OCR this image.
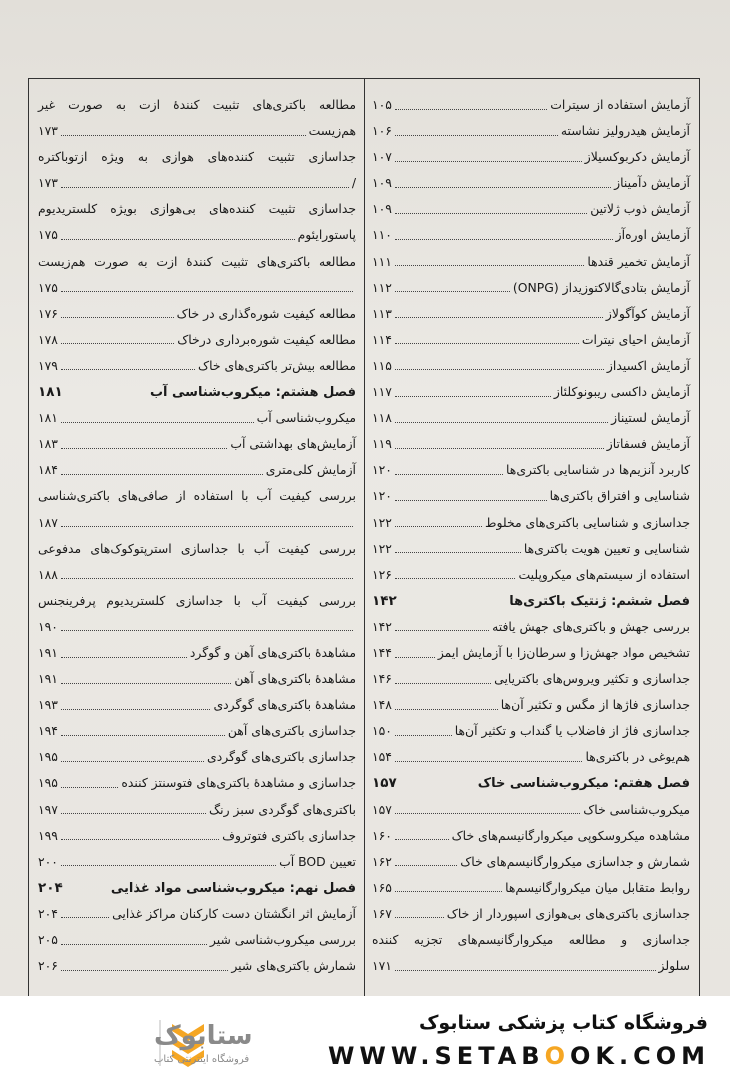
آزمایش استفاده از سیترات
۱۰۵
آزمایش هیدرولیز نشاسته
۱۰۶
آزمایش دکربوکسیلاز
۱۰۷
آزمایش دآمیناز
۱۰۹
آزمایش ذوب ژلاتین
۱۰۹
آزمایش اوره‌آز
۱۱۰
آزمایش تخمیر قندها
۱۱۱
آزمایش بتادی‌گالاکتوزیداز (ONPG)
۱۱۲
آزمایش کوآگولاز
۱۱۳
آزمایش احیای نیترات
۱۱۴
آزمایش اکسیداز
۱۱۵
آزمایش داکسی ریبونوکلئاز
۱۱۷
آزمایش لستیناز
۱۱۸
آزمایش فسفاتاز
۱۱۹
کاربرد آنزیم‌ها در شناسایی باکتری‌ها
۱۲۰
شناسایی و افتراق باکتری‌ها
۱۲۰
جداسازی و شناسایی باکتری‌های مخلوط
۱۲۲
شناسایی و تعیین هویت باکتری‌ها
۱۲۲
استفاده از سیستم‌های میکروپلیت
۱۲۶
فصل ششم: ژنتیک باکتری‌ها
۱۴۲
بررسی جهش و باکتری‌های جهش یافته
۱۴۲
تشخیص مواد جهش‌زا و سرطان‌زا با آزمایش ایمز
۱۴۴
جداسازی و تکثیر ویروس‌های باکتریایی
۱۴۶
جداسازی فاژها از مگس و تکثیر آن‌ها
۱۴۸
جداسازی فاژ از فاضلاب یا گنداب و تکثیر آن‌ها
۱۵۰
هم‌یوغی در باکتری‌ها
۱۵۴
فصل هفتم: میکروب‌شناسی خاک
۱۵۷
میکروب‌شناسی خاک
۱۵۷
مشاهده میکروسکوپی میکروارگانیسم‌های خاک
۱۶۰
شمارش و جداسازی میکروارگانیسم‌های خاک
۱۶۲
روابط متقابل میان میکروارگانیسم‌ها
۱۶۵
جداسازی باکتری‌های بی‌هوازی اسپوردار از خاک
۱۶۷
جداسازی و مطالعه میکروارگانیسم‌های تجزیه کننده
سلولز
۱۷۱
مطالعه باکتری‌های تثبیت کنندهٔ ازت به صورت غیر
هم‌زیست
۱۷۳
جداسازی تثبیت کننده‌های هوازی به ویژه ازتوباکتره
/
۱۷۳
جداسازی تثبیت کننده‌های بی‌هوازی بویژه کلستریدیوم
پاستورایئوم
۱۷۵
مطالعه باکتری‌های تثبیت کنندهٔ ازت به صورت هم‌زیست
۱۷۵
مطالعه کیفیت شوره‌گذاری در خاک
۱۷۶
مطالعه کیفیت شوره‌برداری درخاک
۱۷۸
مطالعه بیش‌تر باکتری‌های خاک
۱۷۹
فصل هشتم: میکروب‌شناسی آب
۱۸۱
میکروب‌شناسی آب
۱۸۱
آزمایش‌های بهداشتی آب
۱۸۳
آزمایش کلی‌متری
۱۸۴
بررسی کیفیت آب با استفاده از صافی‌های باکتری‌شناسی
۱۸۷
بررسی کیفیت آب با جداسازی استرپتوکوک‌های مدفوعی
۱۸۸
بررسی کیفیت آب با جداسازی کلستریدیوم پرفرینجنس
۱۹۰
مشاهدهٔ باکتری‌های آهن و گوگرد
۱۹۱
مشاهدهٔ باکتری‌های آهن
۱۹۱
مشاهدهٔ باکتری‌های گوگردی
۱۹۳
جداسازی باکتری‌های آهن
۱۹۴
جداسازی باکتری‌های گوگردی
۱۹۵
جداسازی و مشاهدهٔ باکتری‌های فتوسنتز کننده
۱۹۵
باکتری‌های گوگردی سبز رنگ
۱۹۷
جداسازی باکتری فتوتروف
۱۹۹
تعیین BOD آب
۲۰۰
فصل نهم: میکروب‌شناسی مواد غذایی
۲۰۴
آزمایش اثر انگشتان دست کارکنان مراکز غذایی
۲۰۴
بررسی میکروب‌شناسی شیر
۲۰۵
شمارش باکتری‌های شیر
۲۰۶
ستابوک
فروشگاه اینترنتی کتاب
فروشگاه کتاب پزشکی ستابوک
WWW.SETABOOK.COM
